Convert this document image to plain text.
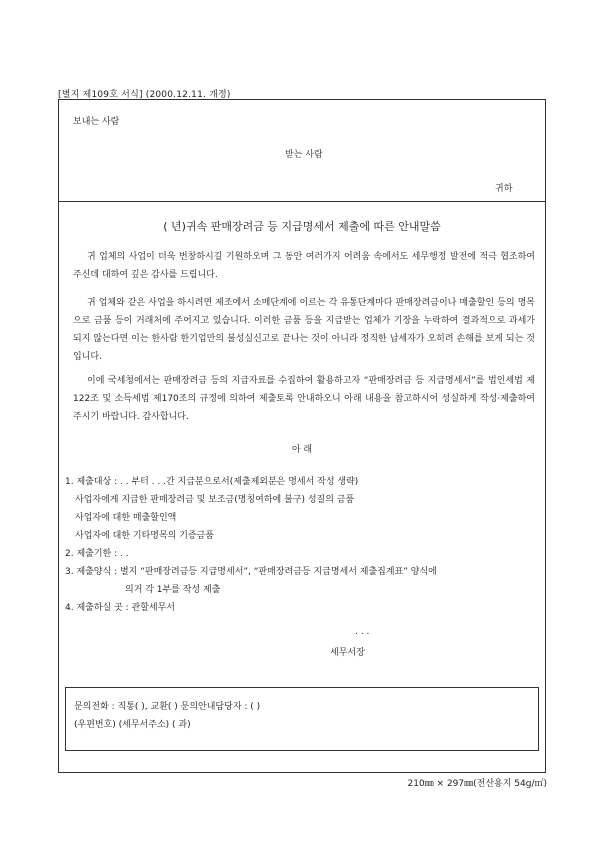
[별지 제109호 서식] (2000.12.11. 개정)
보내는 사람
받는 사람
귀하
( 년)귀속 판매장려금 등 지급명세서 제출에 따른 안내말씀

귀 업체의 사업이 더욱 번창하시길 기원하오며 그 동안 여러가지 어려움 속에서도 세무행정 발전에 적극 협조하여 주신데 대하여 깊은 감사를 드립니다.

귀 업체와 같은 사업을 하시려면 제조에서 소매단계에 이르는 각 유통단계마다 판매장려금이나 매출할인 등의 명목으로 금품 등이 거래처에 주어지고 있습니다. 이러한 금품 등을 지급받는 업체가 기장을 누락하여 결과적으로 과세가 되지 않는다면 이는 한사람 한기업만의 불성실신고로 끝나는 것이 아니라 정직한 납세자가 오히려 손해를 보게 되는 것입니다.

이에 국세청에서는 판매장려금 등의 지급자료를 수집하여 활용하고자 “판매장려금 등 지급명세서”를 법인세법 제122조 및 소득세법 제170조의 규정에 의하여 제출토록 안내하오니 아래 내용을 참고하시어 성실하게 작성·제출하여 주시기 바랍니다. 감사합니다.

아 래
1. 제출대상 : . . 부터 . . .간 지급분으로서(제출제외분은 명세서 작성 생략)
사업자에게 지급한 판매장려금 및 보조금(명칭여하에 불구) 성질의 금품
사업자에 대한 매출할인액
사업자에 대한 기타명목의 기증금품
2. 제출기한 : . .
3. 제출양식 : 별지 “판매장려금등 지급명세서”, “판매장려금등 지급명세서 제출집계표” 양식에
의거 각 1부를 작성 제출
4. 제출하실 곳 : 관할세무서
. . .
세무서장
문의전화 : 직통( ), 교환( ) 문의안내담당자 : ( )
(우편번호) (세무서주소) ( 과)
210㎜ × 297㎜(전산용지 54g/㎡)
